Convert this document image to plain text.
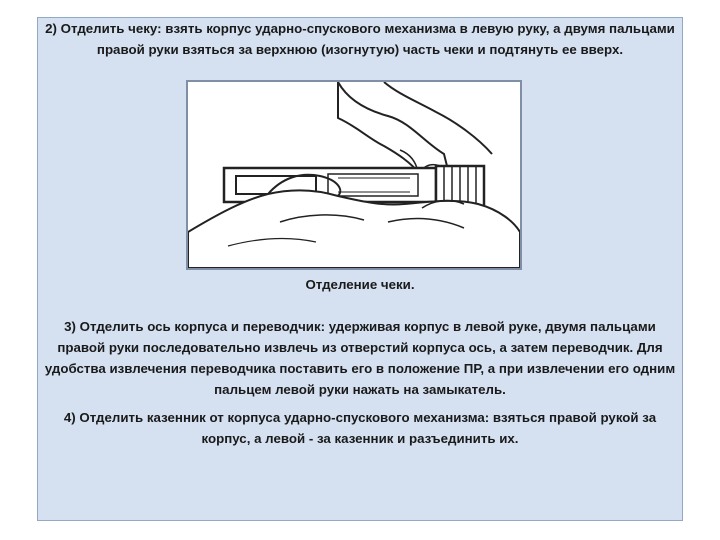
2) Отделить чеку: взять корпус ударно-спускового механизма в левую руку, а двумя пальцами правой руки взяться за верхнюю (изогнутую) часть чеки и подтянуть ее вверх.

Отделение чеки.

3) Отделить ось корпуса и переводчик: удерживая корпус в левой руке, двумя пальцами правой руки последовательно извлечь из отверстий корпуса ось, а затем переводчик. Для удобства извлечения переводчика поставить его в положение ПР, а при извлечении его одним пальцем левой руки нажать на замыкатель.

4) Отделить казенник от корпуса ударно-спускового механизма: взяться правой рукой за корпус, а левой - за казенник и разъединить их.
